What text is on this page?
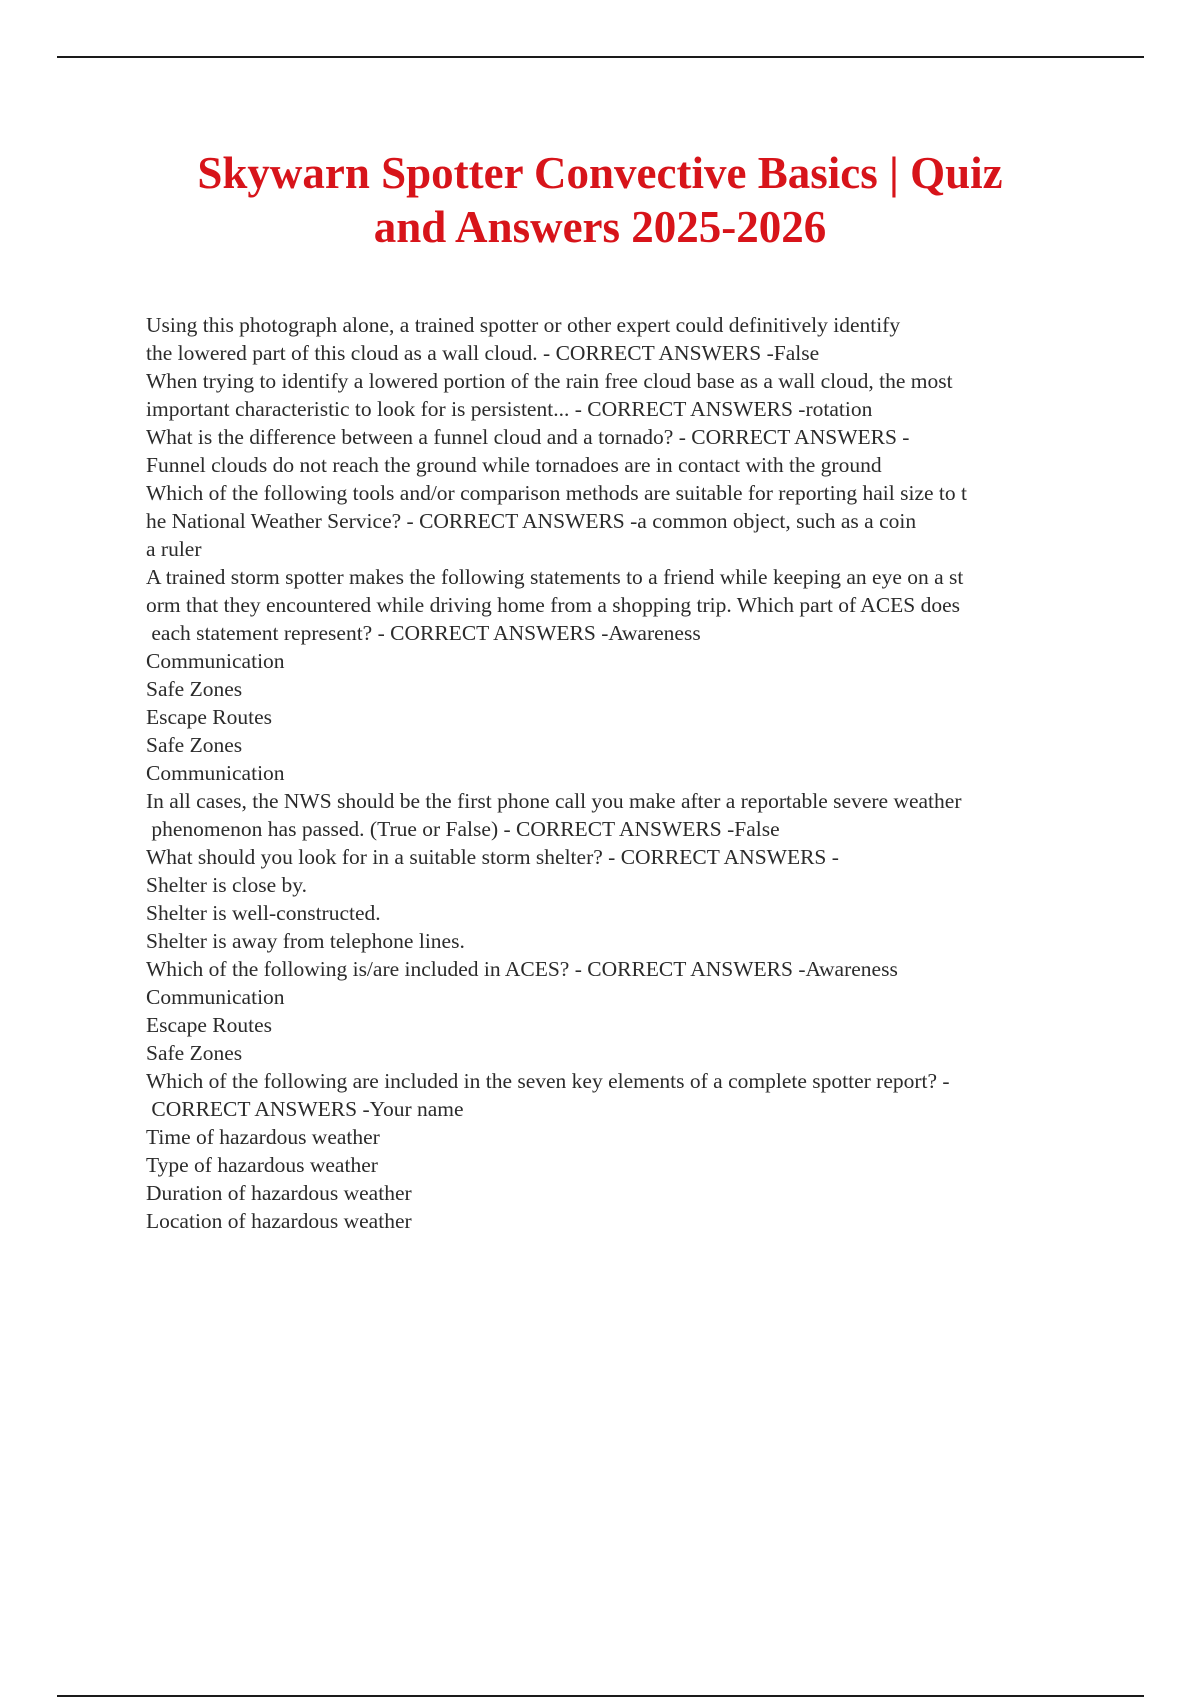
Skywarn Spotter Convective Basics | Quiz
and Answers 2025-2026
Using this photograph alone, a trained spotter or other expert could definitively identify
the lowered part of this cloud as a wall cloud. - CORRECT ANSWERS -False
When trying to identify a lowered portion of the rain free cloud base as a wall cloud, the most
important characteristic to look for is persistent... - CORRECT ANSWERS -rotation
What is the difference between a funnel cloud and a tornado? - CORRECT ANSWERS -
Funnel clouds do not reach the ground while tornadoes are in contact with the ground
Which of the following tools and/or comparison methods are suitable for reporting hail size to t
he National Weather Service? - CORRECT ANSWERS -a common object, such as a coin
a ruler
A trained storm spotter makes the following statements to a friend while keeping an eye on a st
orm that they encountered while driving home from a shopping trip. Which part of ACES does
each statement represent? - CORRECT ANSWERS -Awareness
Communication
Safe Zones
Escape Routes
Safe Zones
Communication
In all cases, the NWS should be the first phone call you make after a reportable severe weather
phenomenon has passed. (True or False) - CORRECT ANSWERS -False
What should you look for in a suitable storm shelter? - CORRECT ANSWERS -
Shelter is close by.
Shelter is well-constructed.
Shelter is away from telephone lines.
Which of the following is/are included in ACES? - CORRECT ANSWERS -Awareness
Communication
Escape Routes
Safe Zones
Which of the following are included in the seven key elements of a complete spotter report? -
CORRECT ANSWERS -Your name
Time of hazardous weather
Type of hazardous weather
Duration of hazardous weather
Location of hazardous weather
